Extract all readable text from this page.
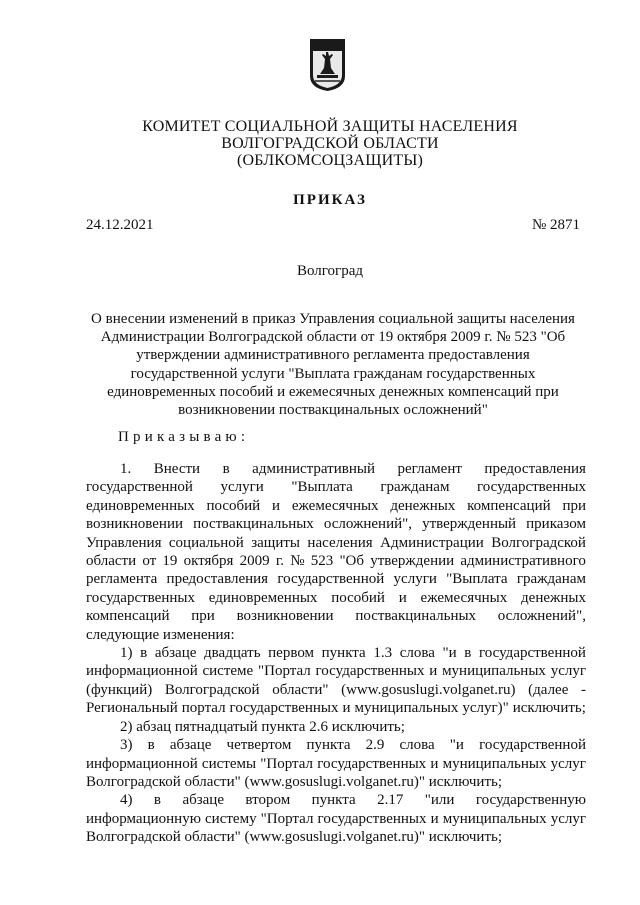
КОМИТЕТ СОЦИАЛЬНОЙ ЗАЩИТЫ НАСЕЛЕНИЯ
ВОЛГОГРАДСКОЙ ОБЛАСТИ
(ОБЛКОМСОЦЗАЩИТЫ)
ПРИКАЗ
24.12.2021	№ 2871
Волгоград
О внесении изменений в приказ Управления социальной защиты населения
Администрации Волгоградской области от 19 октября 2009 г. № 523 "Об
утверждении административного регламента предоставления
государственной услуги "Выплата гражданам государственных
единовременных пособий и ежемесячных денежных компенсаций при
возникновении поствакцинальных осложнений"
Приказываю:
1. Внести в административный регламент предоставления
государственной услуги "Выплата гражданам государственных
единовременных пособий и ежемесячных денежных компенсаций при
возникновении поствакцинальных осложнений", утвержденный приказом
Управления социальной защиты населения Администрации Волгоградской
области от 19 октября 2009 г. № 523 "Об утверждении административного
регламента предоставления государственной услуги "Выплата гражданам
государственных единовременных пособий и ежемесячных денежных
компенсаций при возникновении поствакцинальных осложнений",
следующие изменения:
1) в абзаце двадцать первом пункта 1.3 слова "и в государственной
информационной системе "Портал государственных и муниципальных услуг
(функций) Волгоградской области" (www.gosuslugi.volganet.ru) (далее -
Региональный портал государственных и муниципальных услуг)" исключить;
2) абзац пятнадцатый пункта 2.6 исключить;
3) в абзаце четвертом пункта 2.9 слова "и государственной
информационной системы "Портал государственных и муниципальных услуг
Волгоградской области" (www.gosuslugi.volganet.ru)" исключить;
4) в абзаце втором пункта 2.17 "или государственную
информационную систему "Портал государственных и муниципальных услуг
Волгоградской области" (www.gosuslugi.volganet.ru)" исключить;
